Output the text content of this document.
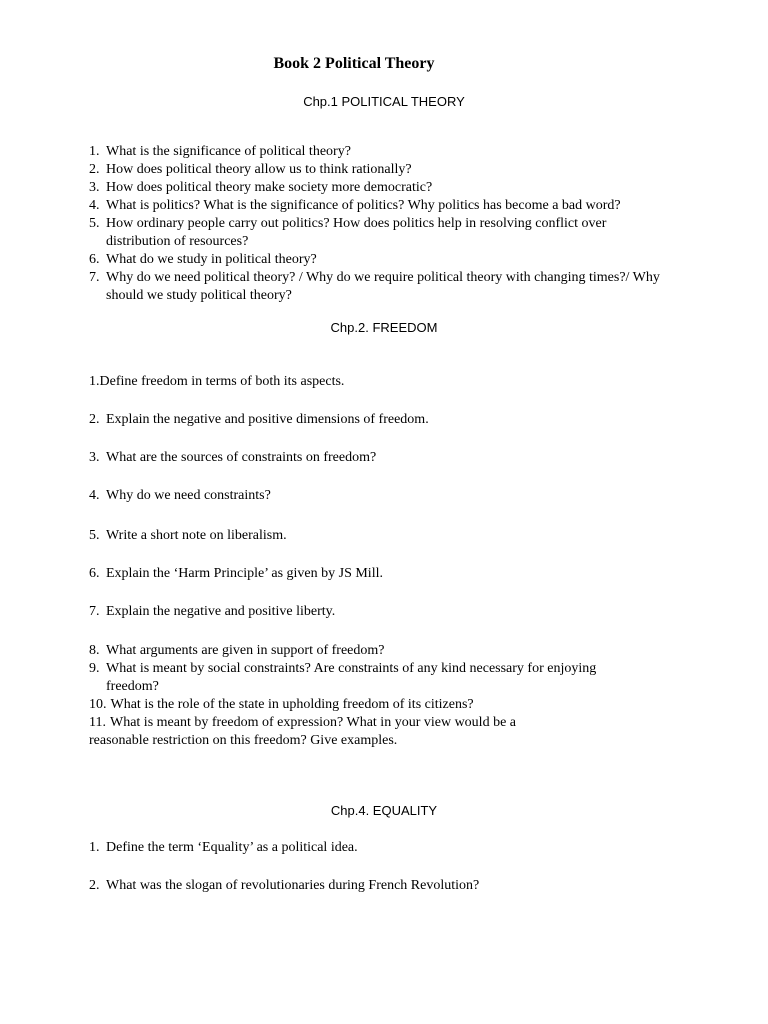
Book 2 Political Theory

Chp.1 POLITICAL THEORY

1. What is the significance of political theory?
2. How does political theory allow us to think rationally?
3. How does political theory make society more democratic?
4. What is politics? What is the significance of politics? Why politics has become a bad word?
5. How ordinary people carry out politics? How does politics help in resolving conflict over distribution of resources?
6. What do we study in political theory?
7. Why do we need political theory? / Why do we require political theory with changing times?/ Why should we study political theory?

Chp.2. FREEDOM

1.Define freedom in terms of both its aspects.
2. Explain the negative and positive dimensions of freedom.
3. What are the sources of constraints on freedom?
4. Why do we need constraints?
5. Write a short note on liberalism.
6. Explain the ‘Harm Principle’ as given by JS Mill.
7. Explain the negative and positive liberty.
8. What arguments are given in support of freedom?
9. What is meant by social constraints? Are constraints of any kind necessary for enjoying freedom?
10. What is the role of the state in upholding freedom of its citizens?
11. What is meant by freedom of expression? What in your view would be a reasonable restriction on this freedom? Give examples.

Chp.4. EQUALITY

1. Define the term ‘Equality’ as a political idea.
2. What was the slogan of revolutionaries during French Revolution?
